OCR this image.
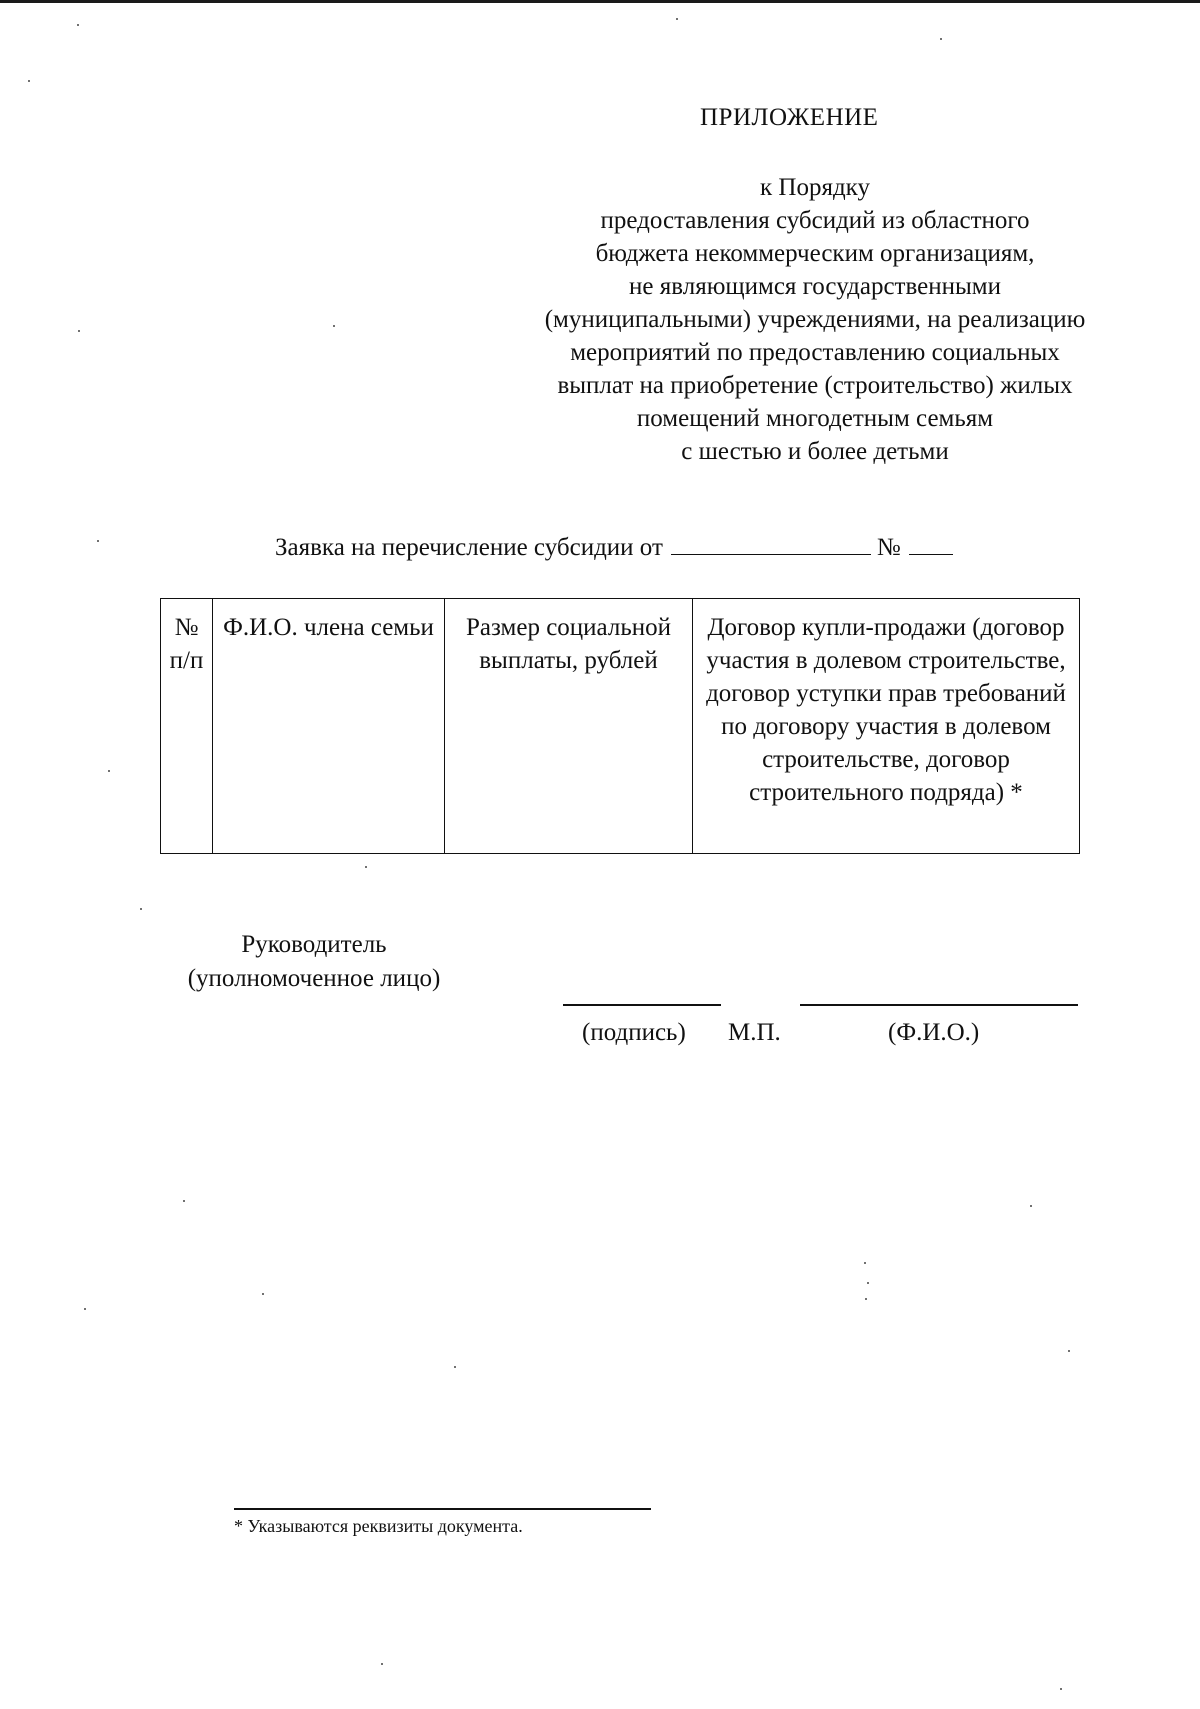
ПРИЛОЖЕНИЕ
к Порядку
предоставления субсидий из областного
бюджета некоммерческим организациям,
не являющимся государственными
(муниципальными) учреждениями, на реализацию
мероприятий по предоставлению социальных
выплат на приобретение (строительство) жилых
помещений многодетным семьям
с шестью и более детьми
Заявка на перечисление субсидии от	№
№ п/п	Ф.И.О. члена семьи	Размер социальной выплаты, рублей	Договор купли-продажи (договор участия в долевом строительстве, договор уступки прав требований по договору участия в долевом строительстве, договор строительного подряда) *
Руководитель (уполномоченное лицо)
(подпись) М.П.	(Ф.И.О.)
* Указываются реквизиты документа.
